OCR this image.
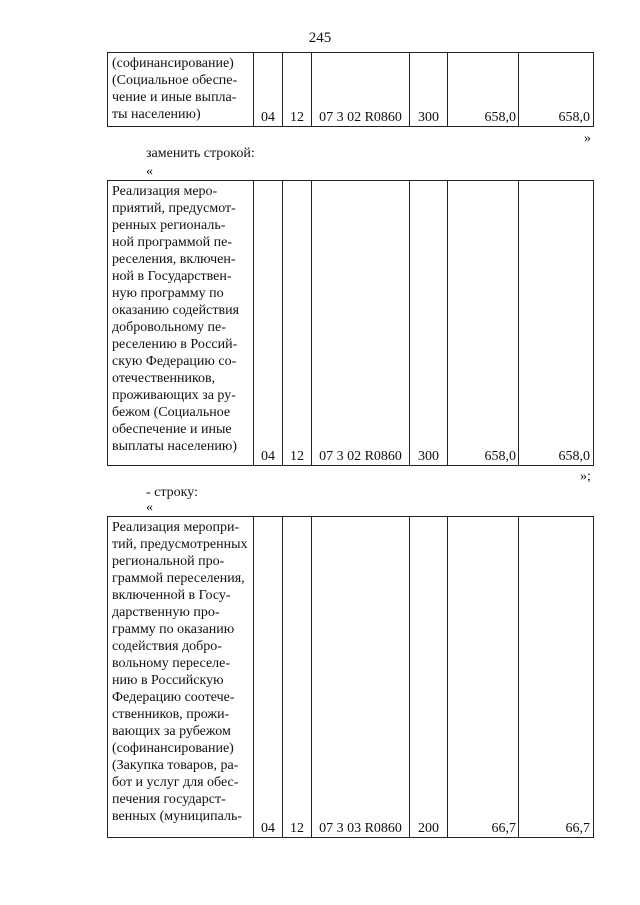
245
(софинансирование)
(Социальное обеспе-
чение и иные выпла-
ты населению)	04	12	07 3 02 R0860	300	658,0	658,0
»
заменить строкой:
«
Реализация меро-
приятий, предусмот-
ренных региональ-
ной программой пе-
реселения, включен-
ной в Государствен-
ную программу по
оказанию содействия
добровольному пе-
реселению в Россий-
скую Федерацию со-
отечественников,
проживающих за ру-
бежом (Социальное
обеспечение и иные
выплаты населению)	04	12	07 3 02 R0860	300	658,0	658,0
»;
- строку:
«
Реализация меропри-
тий, предусмотренных
региональной про-
граммой переселения,
включенной в Госу-
дарственную про-
грамму по оказанию
содействия добро-
вольному переселе-
нию в Российскую
Федерацию соотече-
ственников, прожи-
вающих за рубежом
(софинансирование)
(Закупка товаров, ра-
бот и услуг для обес-
печения государст-
венных (муниципаль-	04	12	07 3 03 R0860	200	66,7	66,7
